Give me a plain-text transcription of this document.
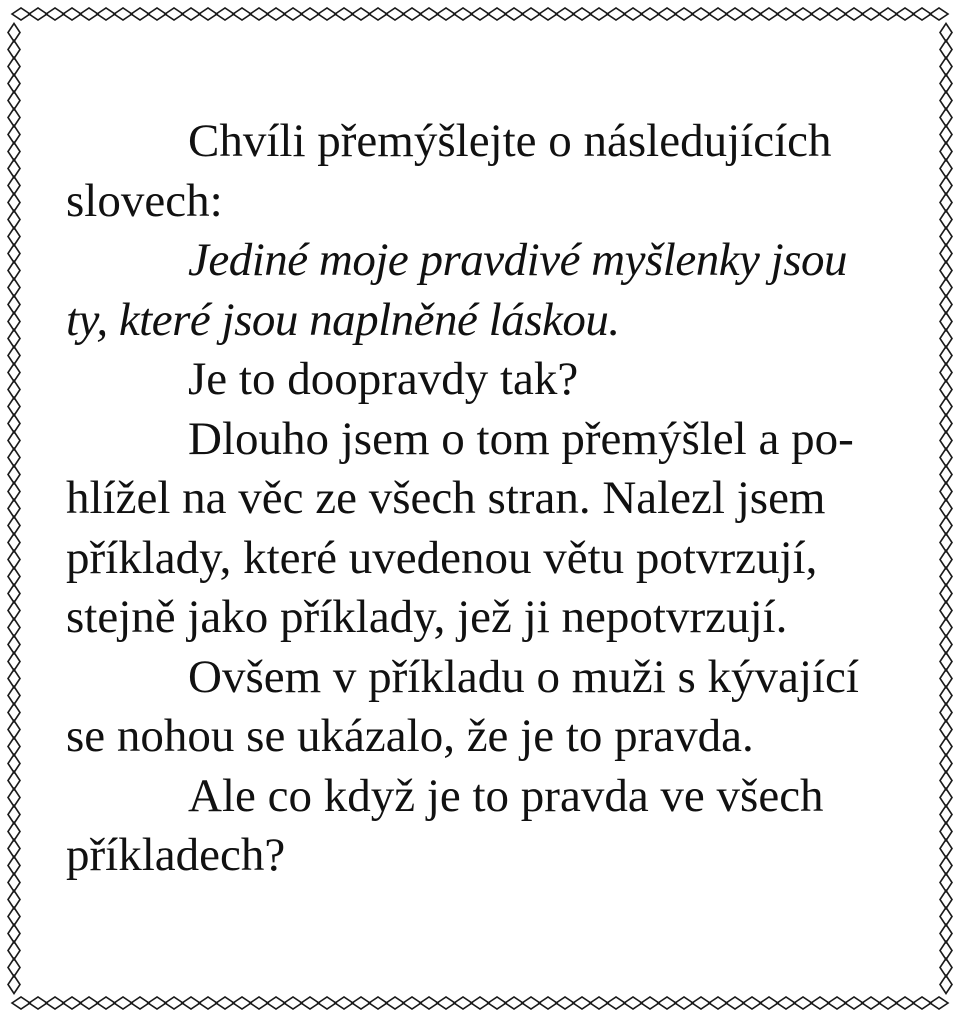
Chvíli přemýšlejte o následujících
slovech:
Jediné moje pravdivé myšlenky jsou
ty, které jsou naplněné láskou.
Je to doopravdy tak?
Dlouho jsem o tom přemýšlel a po-
hlížel na věc ze všech stran. Nalezl jsem
příklady, které uvedenou větu potvrzují,
stejně jako příklady, jež ji nepotvrzují.
Ovšem v příkladu o muži s kývající
se nohou se ukázalo, že je to pravda.
Ale co když je to pravda ve všech
příkladech?
